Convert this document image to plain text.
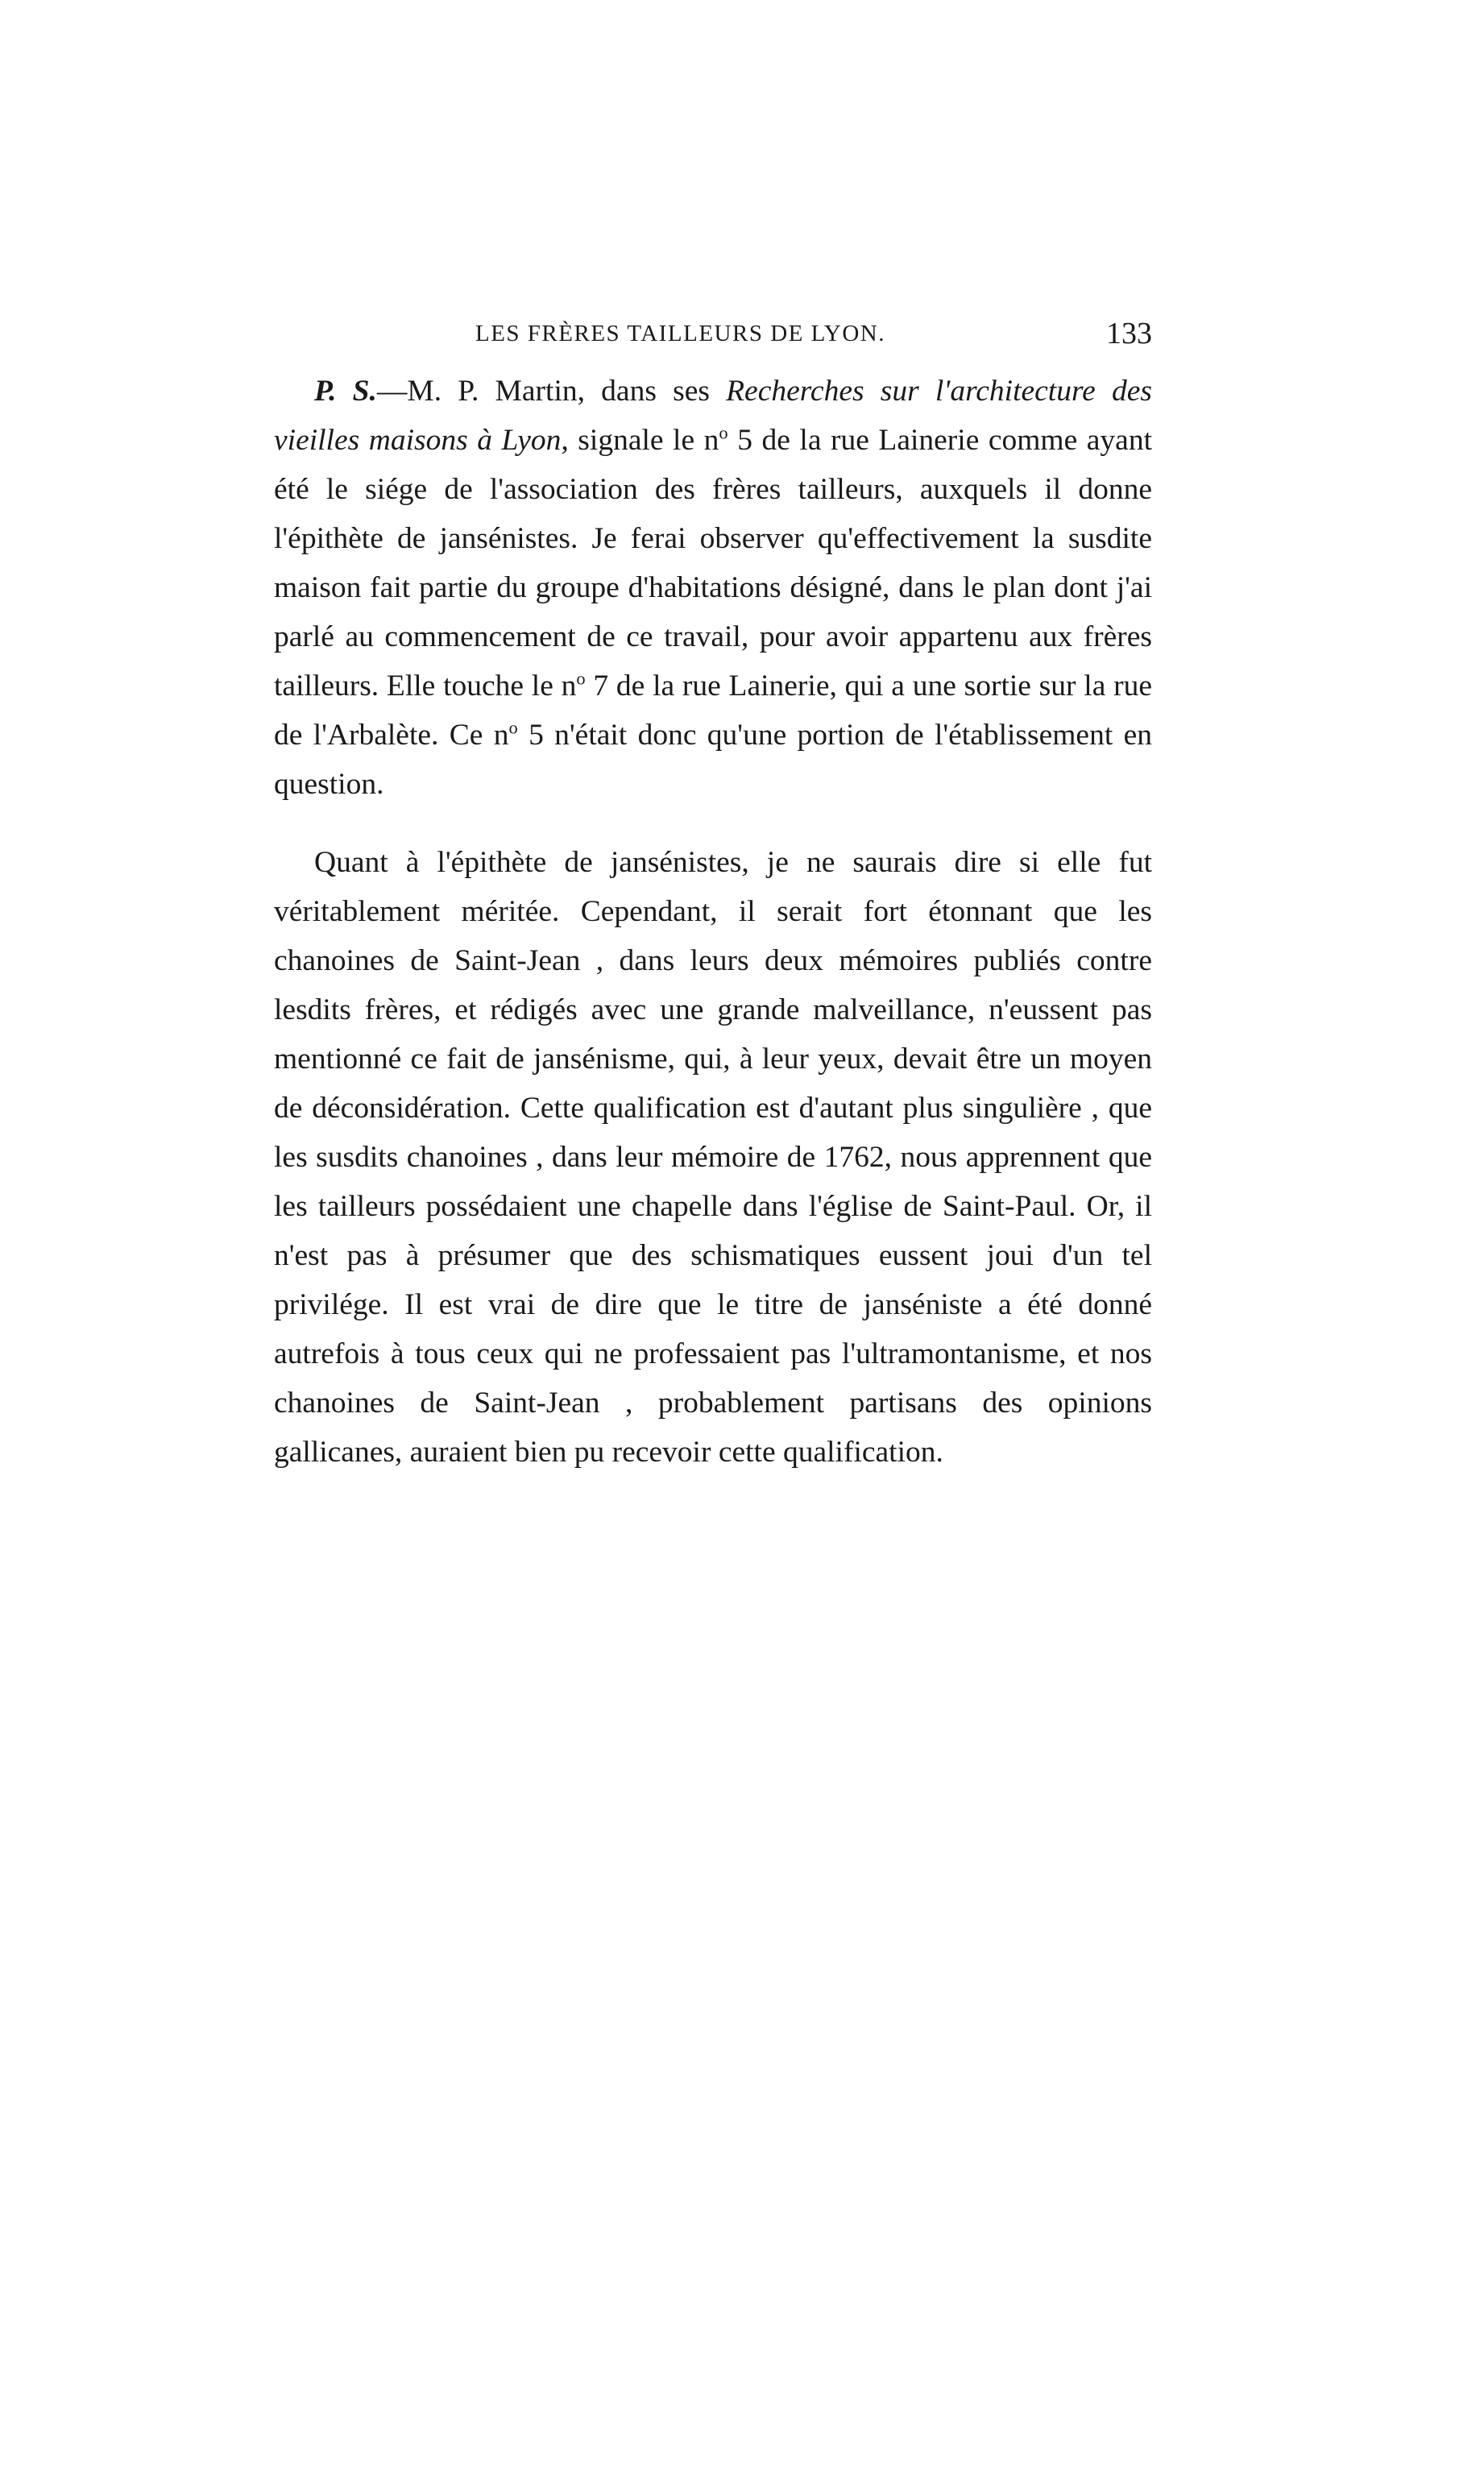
LES FRÈRES TAILLEURS DE LYON.	133

P. S.—M. P. Martin, dans ses Recherches sur l'architecture des vieilles maisons à Lyon, signale le $n^o$ 5 de la rue Lainerie comme ayant été le siége de l'association des frères tailleurs, auxquels il donne l'épithète de jansénistes. Je ferai observer qu'effectivement la susdite maison fait partie du groupe d'habitations désigné, dans le plan dont j'ai parlé au commencement de ce travail, pour avoir appartenu aux frères tailleurs. Elle touche le $n^o$ 7 de la rue Lainerie, qui a une sortie sur la rue de l'Arbalète. Ce $n^o$ 5 n'était donc qu'une portion de l'établissement en question.

Quant à l'épithète de jansénistes, je ne saurais dire si elle fut véritablement méritée. Cependant, il serait fort étonnant que les chanoines de Saint-Jean , dans leurs deux mémoires publiés contre lesdits frères, et rédigés avec une grande malveillance, n'eussent pas mentionné ce fait de jansénisme, qui, à leur yeux, devait être un moyen de déconsidération. Cette qualification est d'autant plus singulière , que les susdits chanoines , dans leur mémoire de 1762, nous apprennent que les tailleurs possédaient une chapelle dans l'église de Saint-Paul. Or, il n'est pas à présumer que des schismatiques eussent joui d'un tel privilége. Il est vrai de dire que le titre de janséniste a été donné autrefois à tous ceux qui ne professaient pas l'ultramontanisme, et nos chanoines de Saint-Jean , probablement partisans des opinions gallicanes, auraient bien pu recevoir cette qualification.
